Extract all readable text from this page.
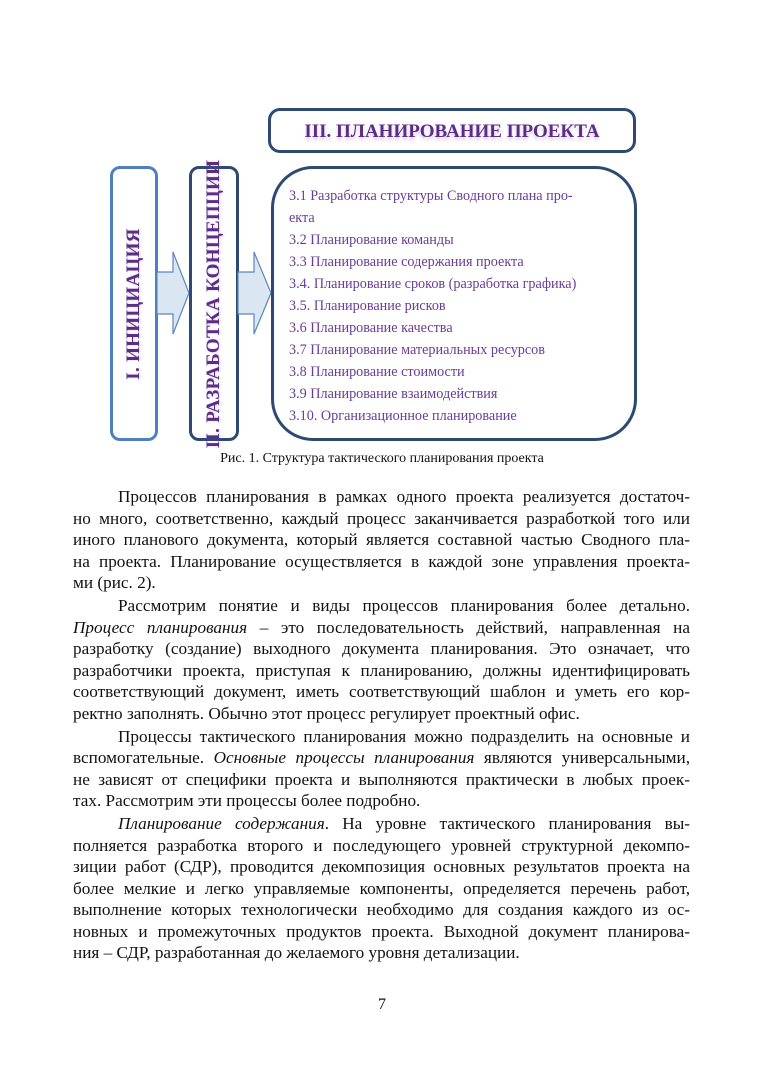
III. ПЛАНИРОВАНИЕ ПРОЕКТА
I. ИНИЦИАЦИЯ	II. РАЗРАБОТКА КОНЦЕПЦИИ	3.1 Разработка структуры Сводного плана про-
екта
3.2 Планирование команды
3.3 Планирование содержания проекта
3.4. Планирование сроков (разработка графика)
3.5. Планирование рисков
3.6 Планирование качества
3.7 Планирование материальных ресурсов
3.8 Планирование стоимости
3.9 Планирование взаимодействия
3.10. Организационное планирование
Рис. 1. Структура тактического планирования проекта
Процессов планирования в рамках одного проекта реализуется достаточ-
но много, соответственно, каждый процесс заканчивается разработкой того или
иного планового документа, который является составной частью Сводного пла-
на проекта. Планирование осуществляется в каждой зоне управления проекта-
ми (рис. 2).
Рассмотрим понятие и виды процессов планирования более детально.
Процесс планирования – это последовательность действий, направленная на
разработку (создание) выходного документа планирования. Это означает, что
разработчики проекта, приступая к планированию, должны идентифицировать
соответствующий документ, иметь соответствующий шаблон и уметь его кор-
ректно заполнять. Обычно этот процесс регулирует проектный офис.
Процессы тактического планирования можно подразделить на основные и
вспомогательные. Основные процессы планирования являются универсальными,
не зависят от специфики проекта и выполняются практически в любых проек-
тах. Рассмотрим эти процессы более подробно.
Планирование содержания. На уровне тактического планирования вы-
полняется разработка второго и последующего уровней структурной декомпо-
зиции работ (СДР), проводится декомпозиция основных результатов проекта на
более мелкие и легко управляемые компоненты, определяется перечень работ,
выполнение которых технологически необходимо для создания каждого из ос-
новных и промежуточных продуктов проекта. Выходной документ планирова-
ния – СДР, разработанная до желаемого уровня детализации.
7
